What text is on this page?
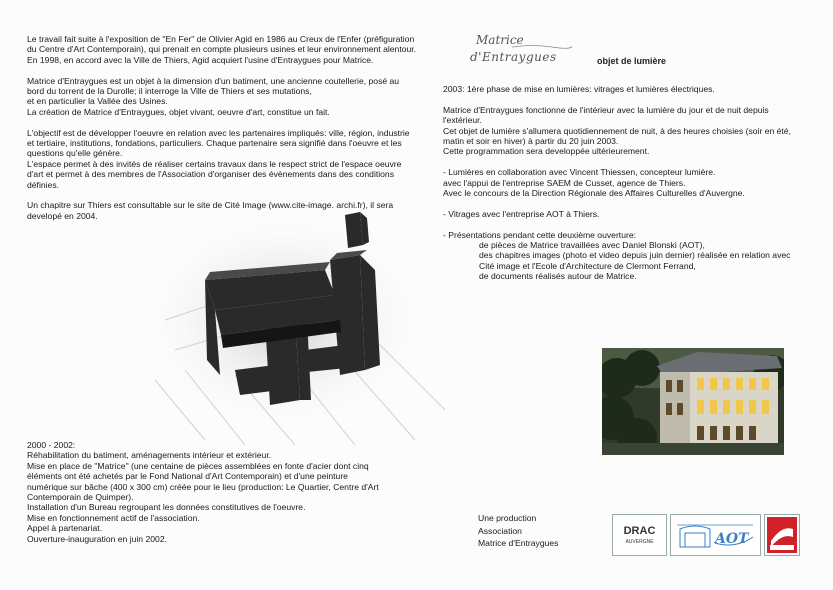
Matrice
d'Entraygues	objet de lumière

Le travail fait suite à l'exposition de "En Fer" de Olivier Agid en 1986 au Creux de l'Enfer (préfiguration du Centre d'Art Contemporain), qui prenait en compte plusieurs usines et leur environnement alentour.
En 1998, en accord avec la Ville de Thiers, Agid acquiert l'usine d'Entraygues pour Matrice.

Matrice d'Entraygues est un objet à la dimension d'un batiment, une ancienne coutellerie, posé au bord du torrent de la Durolle; il interroge la Ville de Thiers et ses mutations,
et en particulier la Vallée des Usines.
La création de Matrice d'Entraygues, objet vivant, oeuvre d'art, constitue un fait.

L'objectif est de développer l'oeuvre en relation avec les partenaires impliqués: ville, région, industrie et tertiaire, institutions, fondations, particuliers. Chaque partenaire sera signifié dans l'oeuvre et les questions qu'elle génère.
L'espace permet à des invités de réaliser certains travaux dans le respect strict de l'espace oeuvre d'art et permet à des membres de l'Association d'organiser des évènements dans des conditions définies.

Un chapitre sur Thiers est consultable sur le site de Cité Image (www.cite-image. archi.fr), il sera developé en 2004.

2000 - 2002:

Réhabilitation du batiment, aménagements intérieur et extérieur.

Mise en place de "Matrice" (une centaine de pièces assemblées en fonte d'acier dont cinq éléments ont été achetés par le Fond National d'Art Contemporain) et d'une peinture numérique sur bâche (400 x 300 cm) créée pour le lieu (production: Le Quartier, Centre d'Art Contemporain de Quimper).

Installation d'un Bureau regroupant les données constitutives de l'oeuvre.

Mise en fonctionnement actif de l'association.

Appel à partenariat.

Ouverture-inauguration en juin 2002.

2003: 1ère phase de mise en lumières: vitrages et lumières électriques.

Matrice d'Entraygues fonctionne de l'intérieur avec la lumière du jour et de nuit depuis l'extérieur.
Cet objet de lumière s'allumera quotidiennement de nuit, à des heures choisies (soir en été, matin et soir en hiver) à partir du 20 juin 2003.
Cette programmation sera developpée ultérieurement.

- Lumières en collaboration avec Vincent Thiessen, concepteur lumière.
avec l'appui de l'entreprise SAEM de Cusset, agence de Thiers.
Avec le concours de la Direction Régionale des Affaires Culturelles d'Auvergne.

- Vitrages avec l'entreprise AOT à Thiers.

- Présentations pendant cette deuxième ouverture:

de pièces de Matrice travaillées avec Daniel Blonski (AOT),
des chapitres images (photo et video depuis juin dernier) réalisée en relation avec Cité image et l'Ecole d'Architecture de Clermont Ferrand,
de documents réalisés autour de Matrice.

Une production

Association

Matrice d'Entraygues

DRAC
AUVERGNE	AOT
